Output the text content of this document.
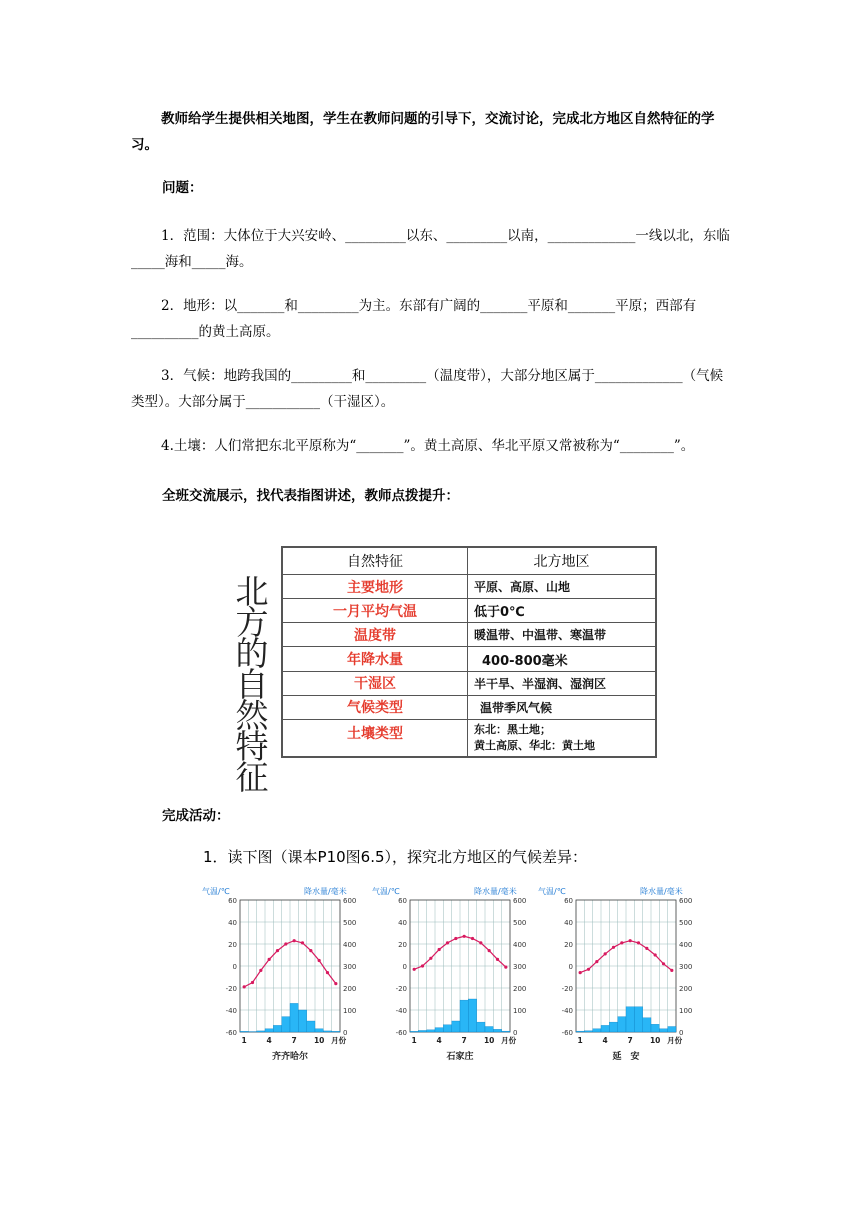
教师给学生提供相关地图，学生在教师问题的引导下，交流讨论，完成北方地区自然特征的学习。
问题：
1．范围：大体位于大兴安岭、_________以东、_________以南，_____________一线以北，东临_____海和_____海。
2．地形：以_______和_________为主。东部有广阔的_______平原和_______平原；西部有__________的黄土高原。
3．气候：地跨我国的_________和_________（温度带），大部分地区属于_____________（气候类型）。大部分属于___________（干湿区）。
4.土壤：人们常把东北平原称为“_______”。黄土高原、华北平原又常被称为“________”。
全班交流展示，找代表指图讲述，教师点拨提升：
北
方
的
自
然
特
征
自然特征	北方地区
主要地形	平原、高原、山地
一月平均气温	低于0℃
温度带	暖温带、中温带、寒温带
年降水量	400-800毫米
干湿区	半干旱、半湿润、湿润区
气候类型	温带季风气候
土壤类型	东北：黑土地；
黄土高原、华北：黄土地
完成活动：
1．读下图（课本P10图6.5），探究北方地区的气候差异：
气温/℃	降水量/毫米
60	600
40	500
20	400
0	300
-20	200
-40	100
-60	0
1	4	7 10 月份
齐齐哈尔
气温/℃	降水量/毫米
60	600
40	500
20	400
0	300
-20	200
-40	100
-60	0
1	4	7 10 月份
石家庄
气温/℃	降水量/毫米
60	600
40	500
20	400
0	300
-20	200
-40	100
-60	0
1	4	7 10 月份
延　安
